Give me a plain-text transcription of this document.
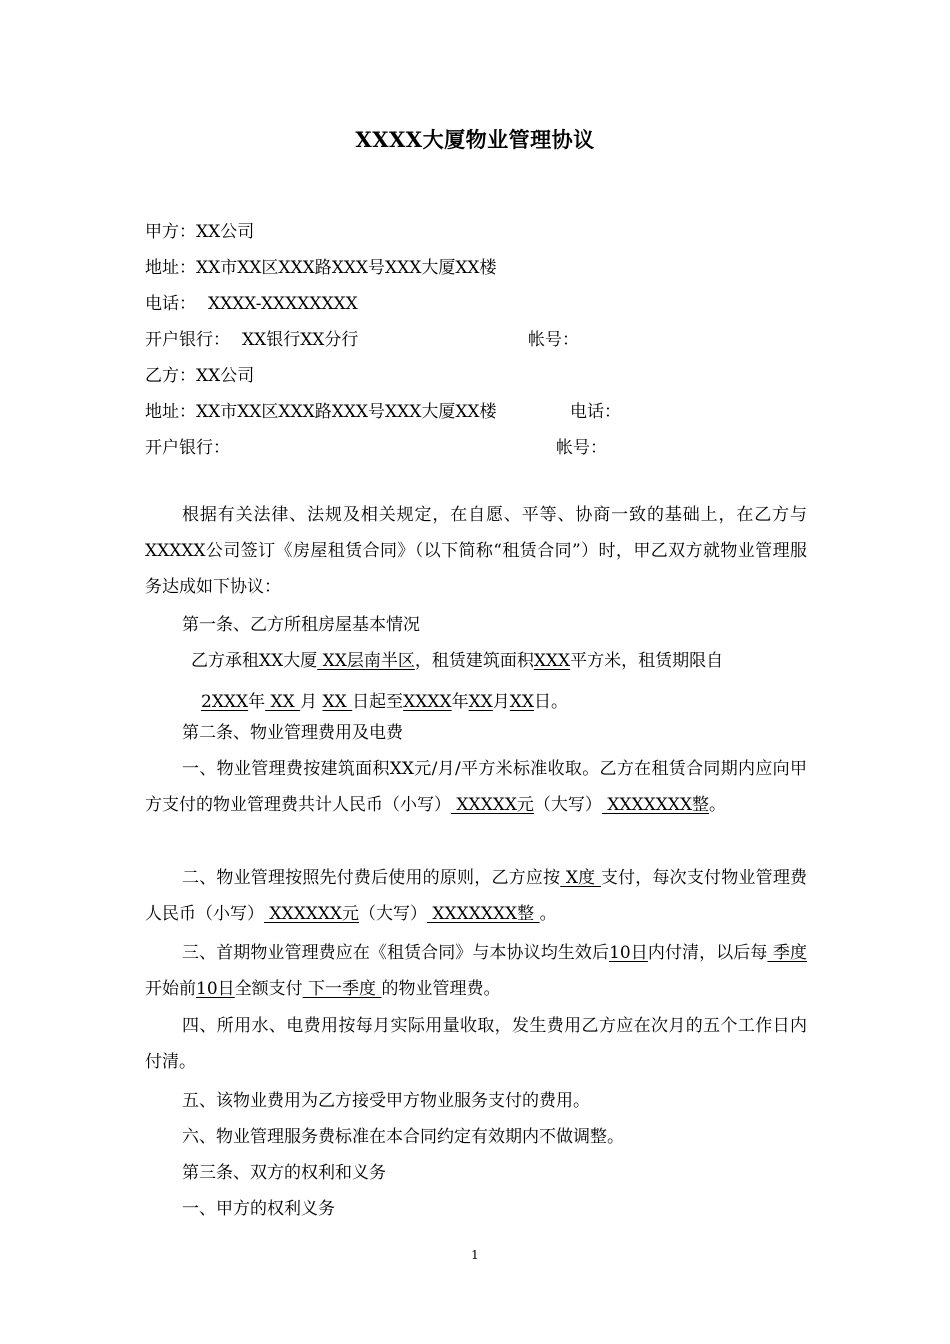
XXXX大厦物业管理协议
甲方：XX公司
地址：XX市XX区XXX路XXX号XXX大厦XX楼
电话： XXXX-XXXXXXXX
开户银行： XX银行XX分行	帐号：
乙方：XX公司
地址：XX市XX区XXX路XXX号XXX大厦XX楼	电话：
开户银行：	帐号：
根据有关法律、法规及相关规定，在自愿、平等、协商一致的基础上，在乙方与XXXXX公司签订《房屋租赁合同》（以下简称“租赁合同”）时，甲乙双方就物业管理服务达成如下协议：
第一条、乙方所租房屋基本情况
乙方承租XX大厦 XX层南半区，租赁建筑面积XXX平方米，租赁期限自
2XXX年 XX 月 XX 日起至XXXX年XX月XX日。
第二条、物业管理费用及电费
一、物业管理费按建筑面积XX元/月/平方米标准收取。乙方在租赁合同期内应向甲方支付的物业管理费共计人民币（小写） XXXXX元（大写） XXXXXXX整。
二、物业管理按照先付费后使用的原则，乙方应按 X度 支付，每次支付物业管理费人民币（小写） XXXXXX元（大写） XXXXXXX整 。
三、首期物业管理费应在《租赁合同》与本协议均生效后10日内付清，以后每 季度 开始前10日全额支付 下一季度 的物业管理费。
四、所用水、电费用按每月实际用量收取，发生费用乙方应在次月的五个工作日内付清。
五、该物业费用为乙方接受甲方物业服务支付的费用。
六、物业管理服务费标准在本合同约定有效期内不做调整。
第三条、双方的权利和义务
一、甲方的权利义务
1
